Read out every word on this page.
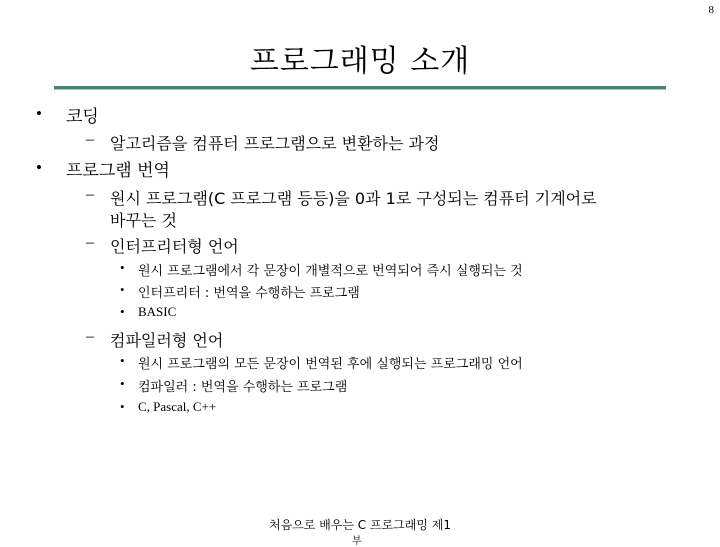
8
프로그래밍 소개
• 코딩
– 알고리즘을 컴퓨터 프로그램으로 변환하는 과정
• 프로그램 번역
– 원시 프로그램(C 프로그램 등등)을 0과 1로 구성되는 컴퓨터 기계어로
바꾸는 것
– 인터프리터형 언어
• 원시 프로그램에서 각 문장이 개별적으로 번역되어 즉시 실행되는 것
• 인터프리터 : 번역을 수행하는 프로그램
• BASIC
– 컴파일러형 언어
• 원시 프로그램의 모든 문장이 번역된 후에 실행되는 프로그래밍 언어
• 컴파일러 : 번역을 수행하는 프로그램
• C, Pascal, C++
처음으로 배우는 C 프로그래밍 제1
부
